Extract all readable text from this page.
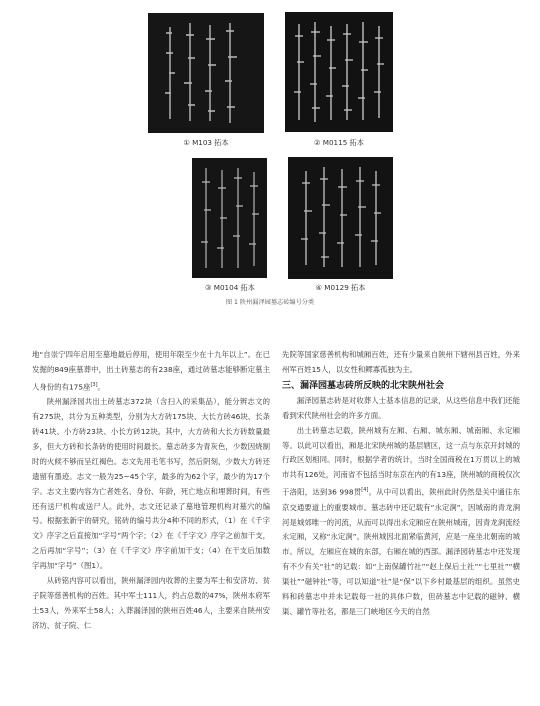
① M103 拓本	② M0115 拓本
③ M0104 拓本	④ M0129 拓本
图 1 陕州漏泽园墓志砖编号分类

地“自崇宁四年启用至墓地最后停用，使用年限至少在十九年以上”。在已发掘的849座墓葬中，出土砖墓志的有238座，通过砖墓志能够断定墓主人身份的有175座[3]。

陕州漏泽园共出土砖墓志372块（含扫入的采集品），能分辨志文的有275块，共分为五种类型，分别为大方砖175块、大长方砖46块、长条砖41块、小方砖23块、小长方砖12块。其中，大方砖和大长方砖数量最多，但大方砖和长条砖的使用时间最长。墓志砖多为青灰色，少数因烧制时的火候不够而呈红褐色。志文先用毛笔书写，然后阴刻，少数大方砖还遗留有墨迹。志文一般为25~45个字，最多的为62个字，最少的为17个字。志文主要内容为亡者姓名、身份、年龄，死亡地点和埋葬时间，有些还有送尸机构或送尸人。此外，志文还记录了墓地管理机构对墓穴的编号。根据张新宇的研究，铭砖的编号共分4种不同的形式，（1）在《千字文》序字之后直接加“字号”两个字；（2）在《千字文》序字之前加干支，之后再加“字号”；（3）在《千字文》序字前加干支；（4）在干支后加数字再加“字号”（图1）。

从砖铭内容可以看出，陕州漏泽园内收葬的主要为军士和安济坊、贫子院等慈善机构的百姓。其中军士111人，约占总数的47%，陕州本府军士53人，外来军士58人；入葬漏泽园的陕州百姓46人，主要来自陕州安济坊、贫子院、仁

先院等国家慈善机构和城厢百姓，还有少量来自陕州下辖州县百姓，外来州军百姓15人，以女性和鳏寡孤独为主。

三、漏泽园墓志砖所反映的北宋陕州社会

漏泽园墓志砖是对收葬人士基本信息的记录，从这些信息中我们还能看到宋代陕州社会的许多方面。

出土砖墓志记载，陕州城有左厢、右厢、城东厢、城南厢、永定厢等。以此可以看出，厢是北宋陕州城的基层辖区，这一点与东京开封城的行政区划相同。同时，根据学者的统计，当时全国商税在1万贯以上的城市共有126处，河南省不包括当时东京在内的有13座，陕州城的商税仅次于洛阳，达到36 998贯[4]。从中可以看出，陕州此时仍然是关中通往东京交通要道上的重要城市。墓志砖中还记载有“永定涧”，因城南的青龙涧河是城郊唯一的河流，从而可以得出永定厢应在陕州城南，因青龙涧流经永定厢，又称“永定涧”。陕州城因北面紧临黄河，应是一座坐北朝南的城市。所以，左厢应在城的东部，右厢在城的西部。漏泽园砖墓志中还发现有不少有关“社”的记载：如“上南保罐竹社”“赵上保后土社”“七里社”“横渠社”“磁钟社”等，可以知道“社”是“保”以下乡村最基层的组织。虽然史料和砖墓志中并未记载每一社的具体户数，但砖墓志中记载的磁钟、横渠、罐竹等社名，都是三门峡地区今天的自然
